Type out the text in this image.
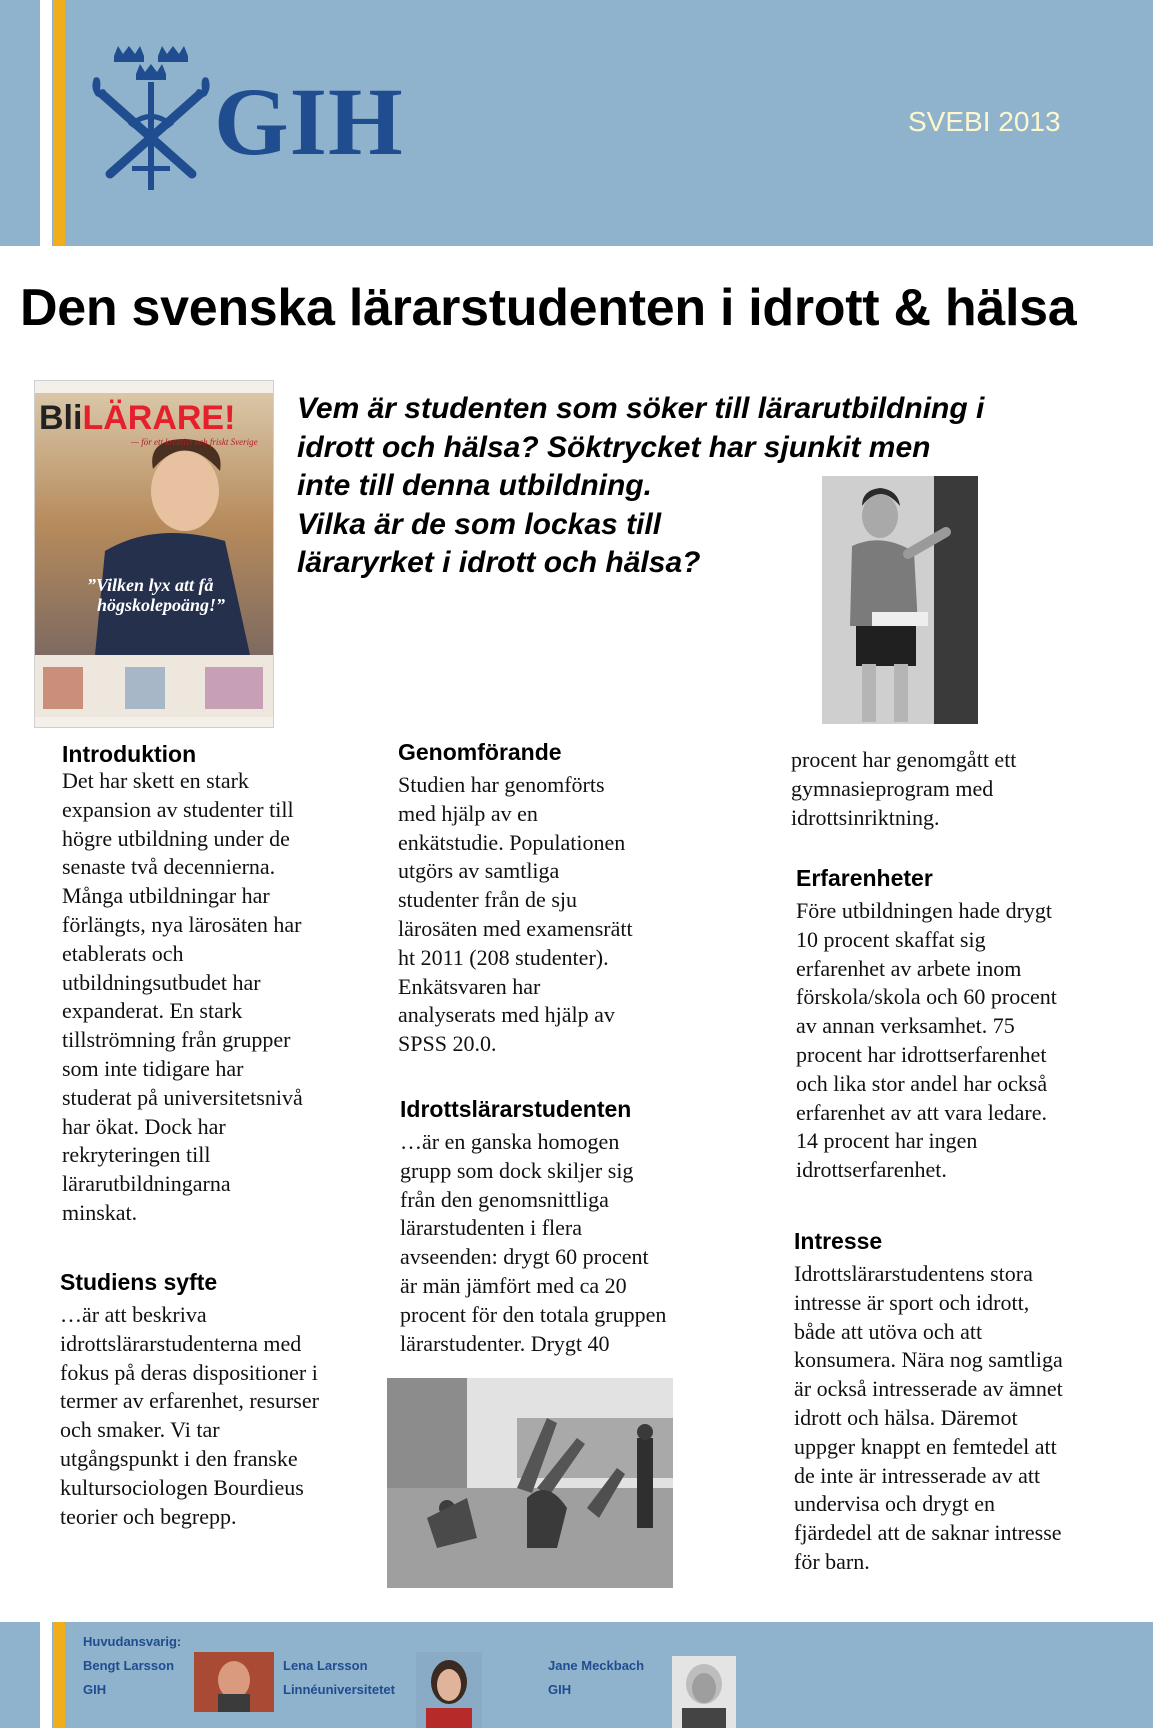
GIH	SVEBI 2013
Den svenska lärarstudenten i idrott & hälsa
BliLÄRARE!
— för ett kreativt och friskt Sverige
”Vilken lyx att få
högskolepoäng!”
Vem är studenten som söker till lärarutbildning i
idrott och hälsa? Söktrycket har sjunkit men
inte till denna utbildning.
Vilka är de som lockas till
läraryrket i idrott och hälsa?
Introduktion
Det har skett en stark
expansion av studenter till
högre utbildning under de
senaste två decennierna.
Många utbildningar har
förlängts, nya lärosäten har
etablerats och
utbildningsutbudet har
expanderat. En stark
tillströmning från grupper
som inte tidigare har
studerat på universitetsnivå
har ökat. Dock har
rekryteringen till
lärarutbildningarna
minskat.
Studiens syfte
…är att beskriva
idrottslärarstudenterna med
fokus på deras dispositioner i
termer av erfarenhet, resurser
och smaker. Vi tar
utgångspunkt i den franske
kultursociologen Bourdieus
teorier och begrepp.
Genomförande
Studien har genomförts
med hjälp av en
enkätstudie. Populationen
utgörs av samtliga
studenter från de sju
lärosäten med examensrätt
ht 2011 (208 studenter).
Enkätsvaren har
analyserats med hjälp av
SPSS 20.0.
Idrottslärarstudenten
…är en ganska homogen
grupp som dock skiljer sig
från den genomsnittliga
lärarstudenten i flera
avseenden: drygt 60 procent
är män jämfört med ca 20
procent för den totala gruppen
lärarstudenter. Drygt 40
procent har genomgått ett
gymnasieprogram med
idrottsinriktning.
Erfarenheter
Före utbildningen hade drygt
10 procent skaffat sig
erfarenhet av arbete inom
förskola/skola och 60 procent
av annan verksamhet. 75
procent har idrottserfarenhet
och lika stor andel har också
erfarenhet av att vara ledare.
14 procent har ingen
idrottserfarenhet.
Intresse
Idrottslärarstudentens stora
intresse är sport och idrott,
både att utöva och att
konsumera. Nära nog samtliga
är också intresserade av ämnet
idrott och hälsa. Däremot
uppger knappt en femtedel att
de inte är intresserade av att
undervisa och drygt en
fjärdedel att de saknar intresse
för barn.
Huvudansvarig:
Bengt Larsson
GIH
Lena Larsson
Linnéuniversitetet
Jane Meckbach
GIH
